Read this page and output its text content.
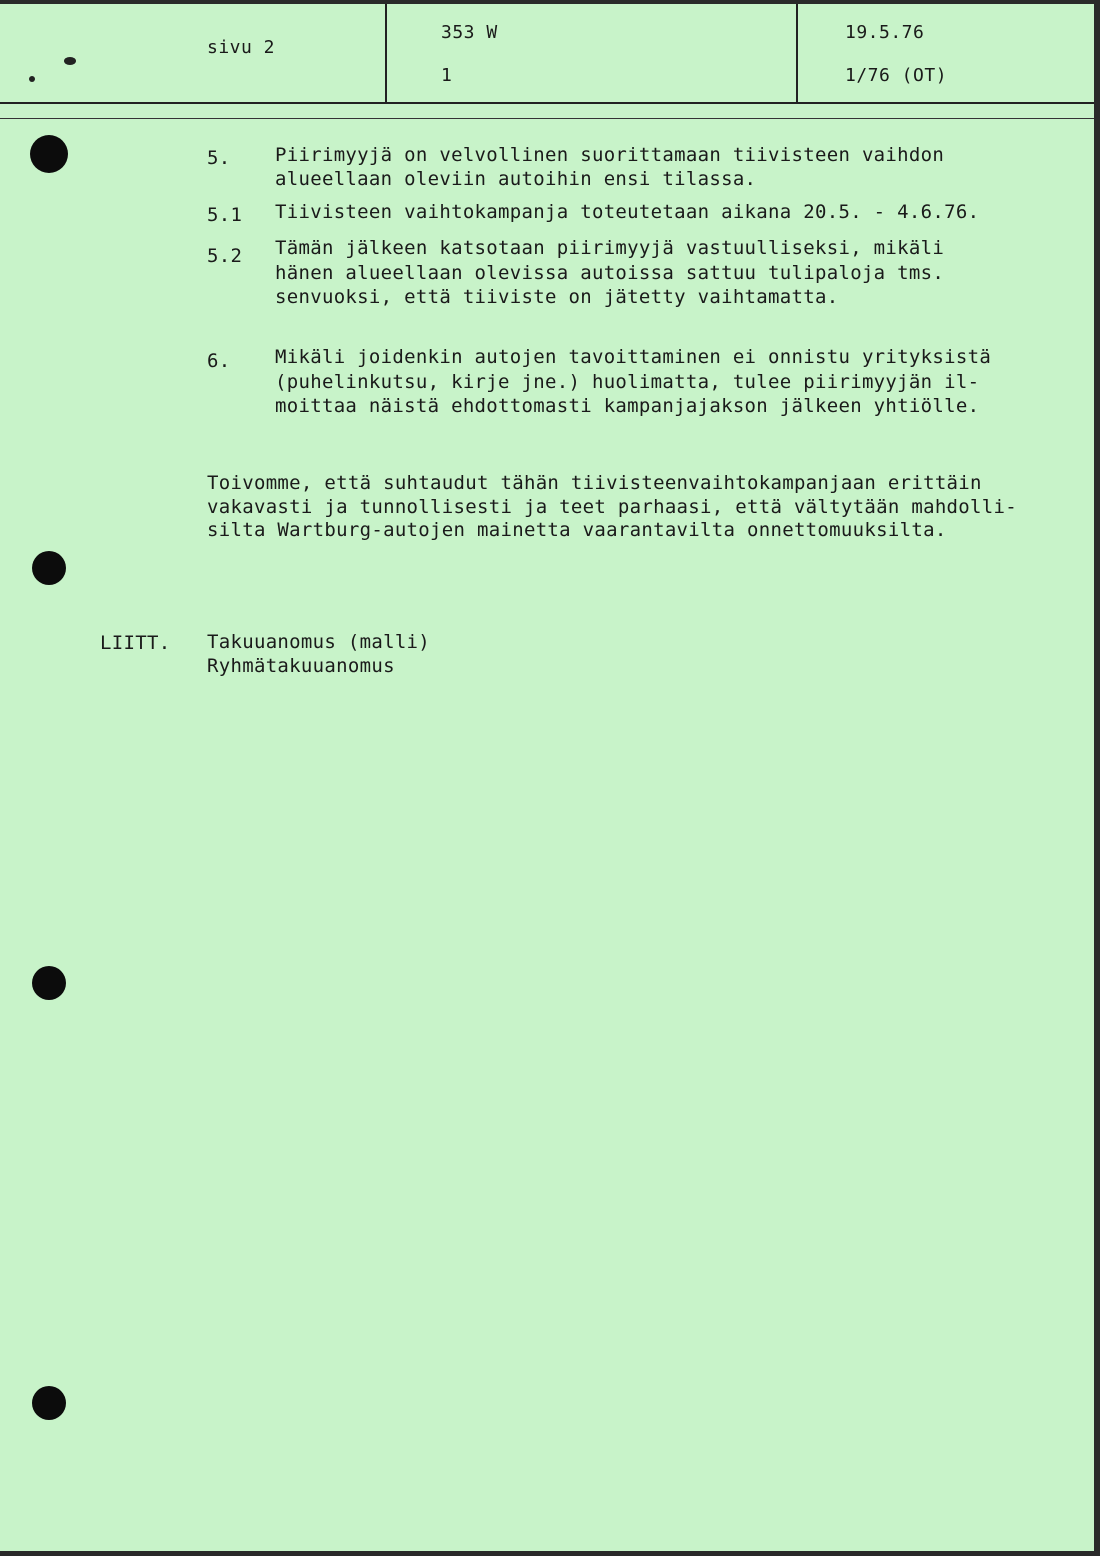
sivu 2
353 W
1
19.5.76
1/76 (OT)
5. Piirimyyjä on velvollinen suorittamaan tiivisteen vaihdon
alueellaan oleviin autoihin ensi tilassa.
5.1 Tiivisteen vaihtokampanja toteutetaan aikana 20.5. - 4.6.76.
5.2 Tämän jälkeen katsotaan piirimyyjä vastuulliseksi, mikäli
hänen alueellaan olevissa autoissa sattuu tulipaloja tms.
senvuoksi, että tiiviste on jätetty vaihtamatta.
6. Mikäli joidenkin autojen tavoittaminen ei onnistu yrityksistä
(puhelinkutsu, kirje jne.) huolimatta, tulee piirimyyjän il-
moittaa näistä ehdottomasti kampanjajakson jälkeen yhtiölle.
Toivomme, että suhtaudut tähän tiivisteenvaihtokampanjaan erittäin
vakavasti ja tunnollisesti ja teet parhaasi, että vältytään mahdolli-
silta Wartburg-autojen mainetta vaarantavilta onnettomuuksilta.
LIITT. Takuuanomus (malli)
Ryhmätakuuanomus
